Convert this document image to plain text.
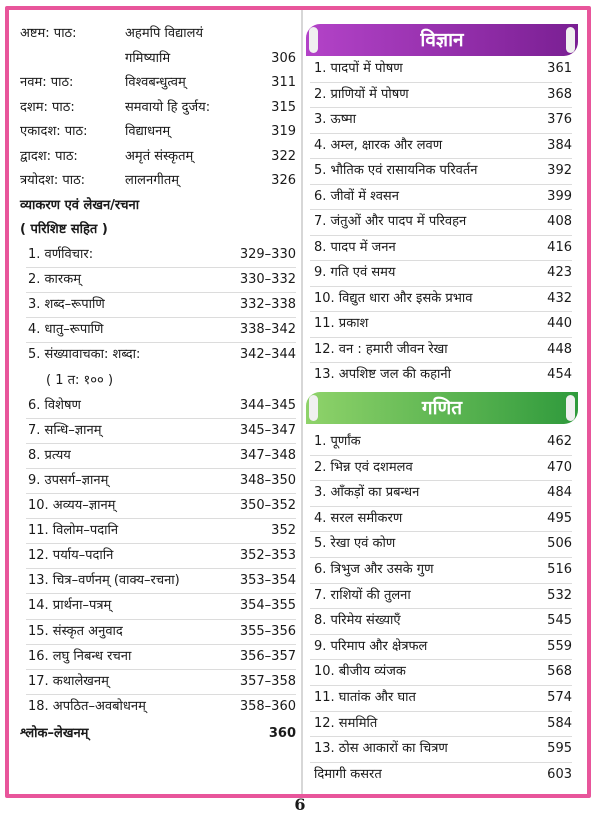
अष्टम: पाठ:	अहमपि विद्यालयं
गमिष्यामि	306
नवम: पाठ:	विश्वबन्धुत्वम्	311
दशम: पाठ:	समवायो हि दुर्जय:	315
एकादश: पाठ:	विद्याधनम्	319
द्वादश: पाठ:	अमृतं संस्कृतम्	322
त्रयोदश: पाठ:	लालनगीतम्	326
व्याकरण एवं लेखन/रचना
( परिशिष्ट सहित )
1. वर्णविचार:	329–330
2. कारकम्	330–332
3. शब्द–रूपाणि	332–338
4. धातु–रूपाणि	338–342
5. संख्यावाचका: शब्दा:	342–344
( 1 त: १०० )
6. विशेषण	344–345
7. सन्धि–ज्ञानम्	345–347
8. प्रत्यय	347–348
9. उपसर्ग–ज्ञानम्	348–350
10. अव्यय–ज्ञानम्	350–352
11. विलोम–पदानि	352
12. पर्याय–पदानि	352–353
13. चित्र–वर्णनम् (वाक्य–रचना)	353–354
14. प्रार्थना–पत्रम्	354–355
15. संस्कृत अनुवाद	355–356
16. लघु निबन्ध रचना	356–357
17. कथालेखनम्	357–358
18. अपठित–अवबोधनम्	358–360
श्लोक–लेखनम्	360
विज्ञान
1. पादपों में पोषण	361
2. प्राणियों में पोषण	368
3. ऊष्मा	376
4. अम्ल, क्षारक और लवण	384
5. भौतिक एवं रासायनिक परिवर्तन	392
6. जीवों में श्वसन	399
7. जंतुओं और पादप में परिवहन	408
8. पादप में जनन	416
9. गति एवं समय	423
10. विद्युत धारा और इसके प्रभाव	432
11. प्रकाश	440
12. वन : हमारी जीवन रेखा	448
13. अपशिष्ट जल की कहानी	454
गणित
1. पूर्णांक	462
2. भिन्न एवं दशमलव	470
3. आँकड़ों का प्रबन्धन	484
4. सरल समीकरण	495
5. रेखा एवं कोण	506
6. त्रिभुज और उसके गुण	516
7. राशियों की तुलना	532
8. परिमेय संख्याएँ	545
9. परिमाप और क्षेत्रफल	559
10. बीजीय व्यंजक	568
11. घातांक और घात	574
12. सममिति	584
13. ठोस आकारों का चित्रण	595
दिमागी कसरत	603
6
